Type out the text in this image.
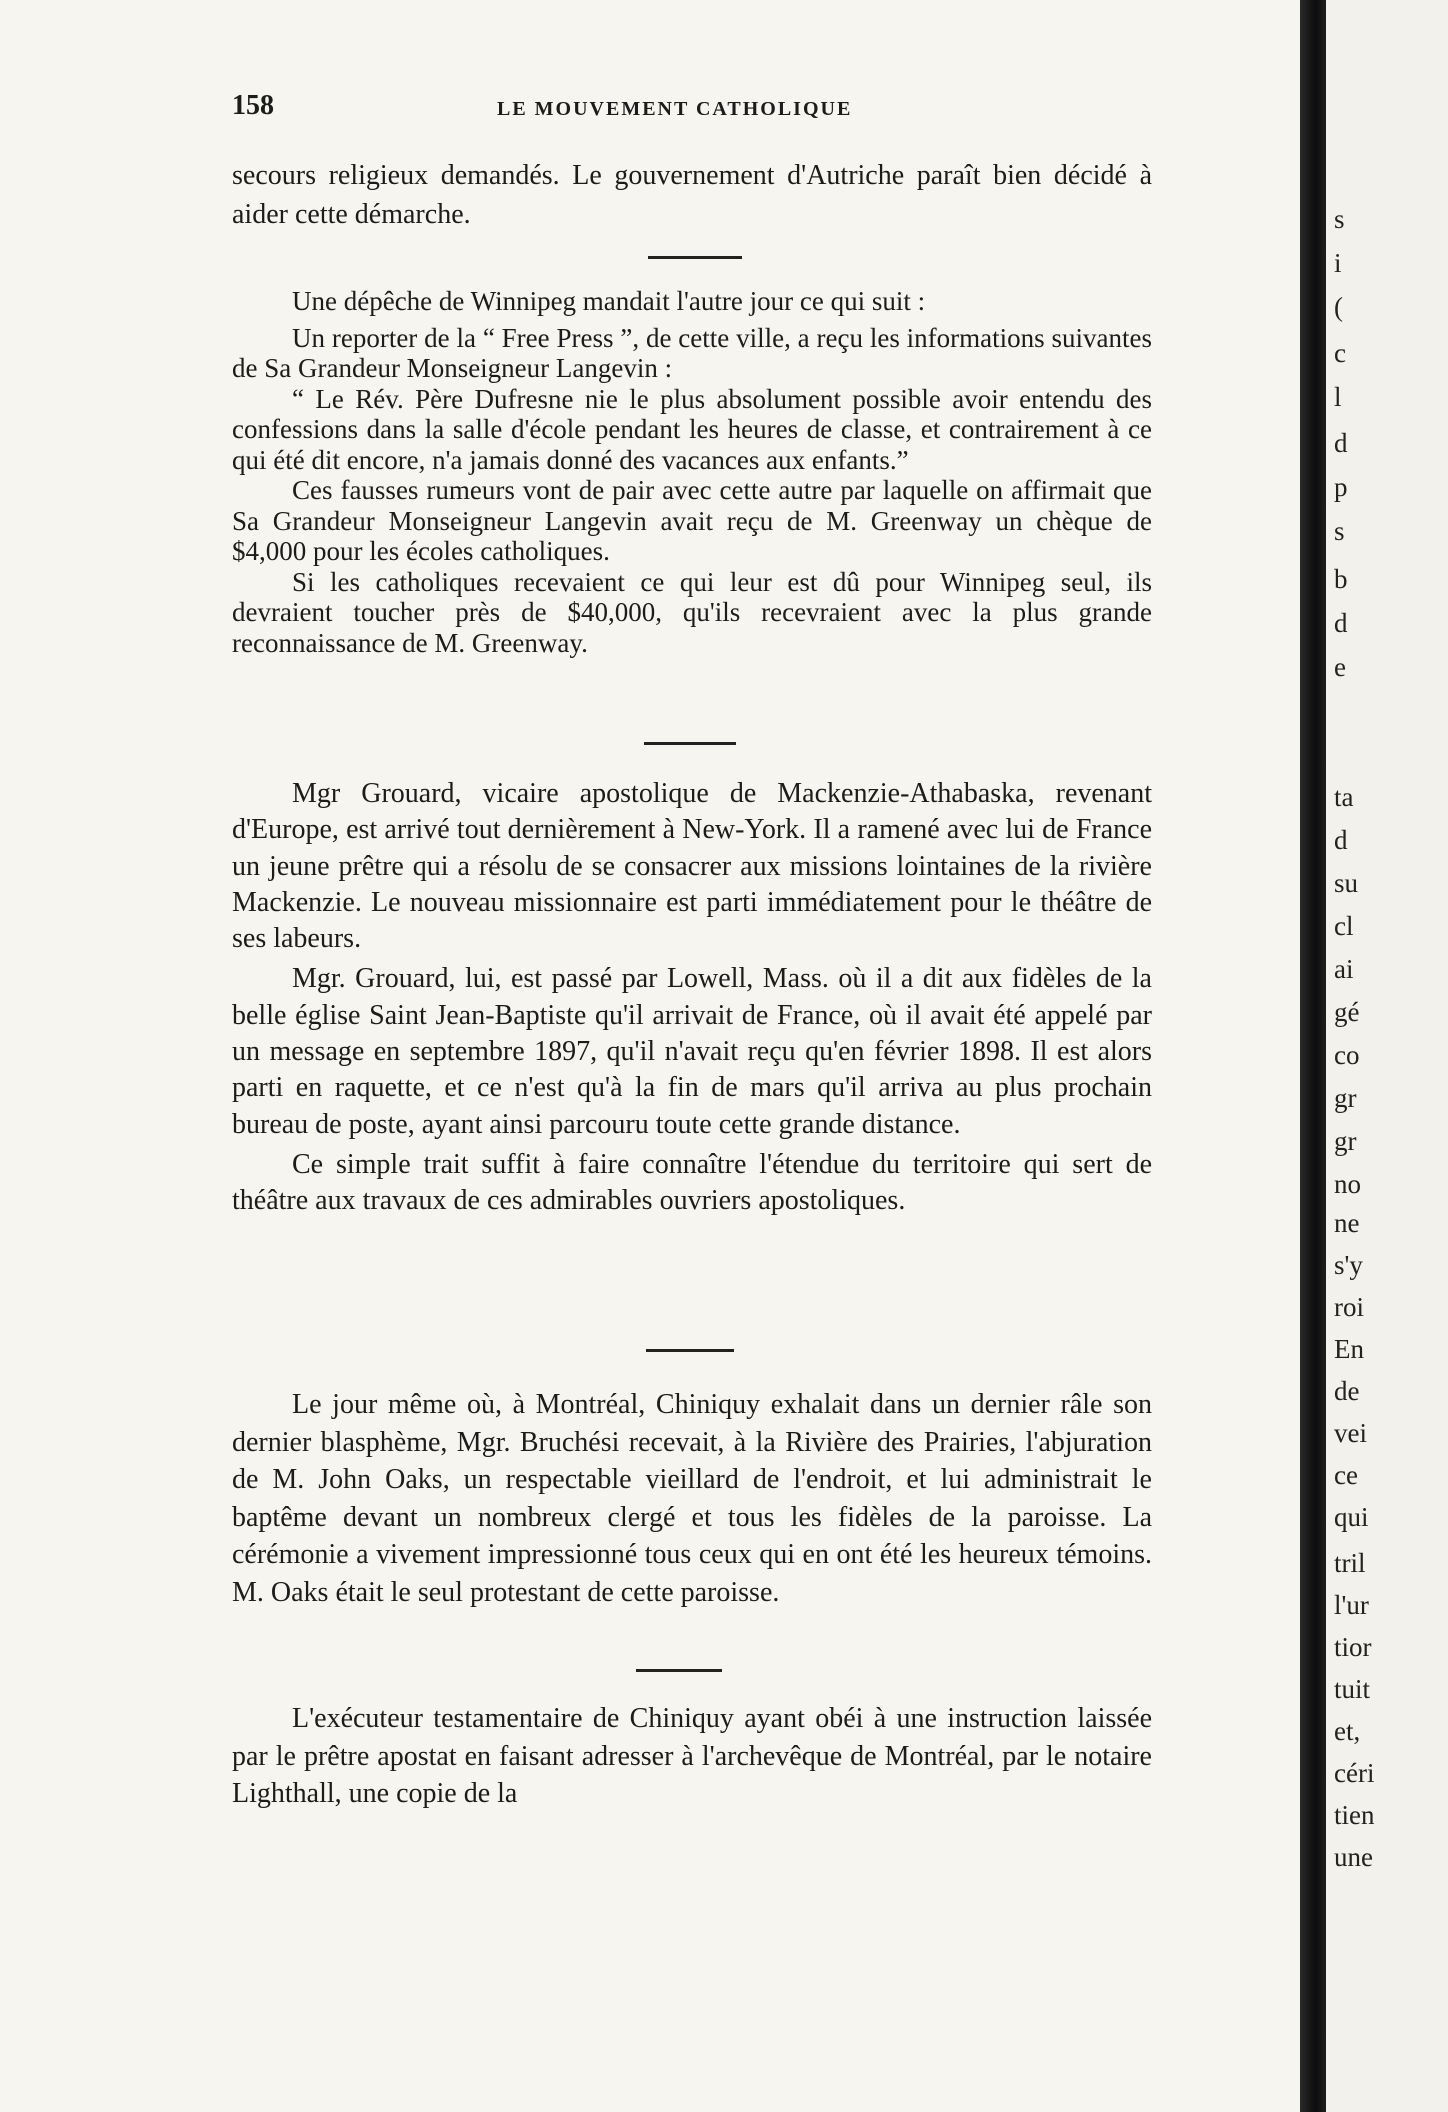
158	LE MOUVEMENT CATHOLIQUE

secours religieux demandés. Le gouvernement d'Autriche paraît bien décidé à aider cette démarche.

Une dépêche de Winnipeg mandait l'autre jour ce qui suit :

Un reporter de la “ Free Press ”, de cette ville, a reçu les informations suivantes de Sa Grandeur Monseigneur Langevin :

“ Le Rév. Père Dufresne nie le plus absolument possible avoir entendu des confessions dans la salle d'école pendant les heures de classe, et contrairement à ce qui été dit encore, n'a jamais donné des vacances aux enfants.”

Ces fausses rumeurs vont de pair avec cette autre par laquelle on affirmait que Sa Grandeur Monseigneur Langevin avait reçu de M. Greenway un chèque de $4,000 pour les écoles catholiques.

Si les catholiques recevaient ce qui leur est dû pour Winnipeg seul, ils devraient toucher près de $40,000, qu'ils recevraient avec la plus grande reconnaissance de M. Greenway.

Mgr Grouard, vicaire apostolique de Mackenzie-Athabaska, revenant d'Europe, est arrivé tout dernièrement à New-York. Il a ramené avec lui de France un jeune prêtre qui a résolu de se consacrer aux missions lointaines de la rivière Mackenzie. Le nouveau missionnaire est parti immédiatement pour le théâtre de ses labeurs.

Mgr. Grouard, lui, est passé par Lowell, Mass. où il a dit aux fidèles de la belle église Saint Jean-Baptiste qu'il arrivait de France, où il avait été appelé par un message en septembre 1897, qu'il n'avait reçu qu'en février 1898. Il est alors parti en raquette, et ce n'est qu'à la fin de mars qu'il arriva au plus prochain bureau de poste, ayant ainsi parcouru toute cette grande distance.

Ce simple trait suffit à faire connaître l'étendue du territoire qui sert de théâtre aux travaux de ces admirables ouvriers apostoliques.

Le jour même où, à Montréal, Chiniquy exhalait dans un dernier râle son dernier blasphème, Mgr. Bruchési recevait, à la Rivière des Prairies, l'abjuration de M. John Oaks, un respectable vieillard de l'endroit, et lui administrait le baptême devant un nombreux clergé et tous les fidèles de la paroisse. La cérémonie a vivement impressionné tous ceux qui en ont été les heureux témoins. M. Oaks était le seul protestant de cette paroisse.

L'exécuteur testamentaire de Chiniquy ayant obéi à une instruction laissée par le prêtre apostat en faisant adresser à l'archevêque de Montréal, par le notaire Lighthall, une copie de la

s
i
(
c
l
d
p
s
b
d
e
ta
d
su
cl
ai
gé
co
gr
gr
no
ne
s'y
roi
En
de
vei
ce
qui
tril
l'ur
tior
tuit
et,
céri
tien
une
